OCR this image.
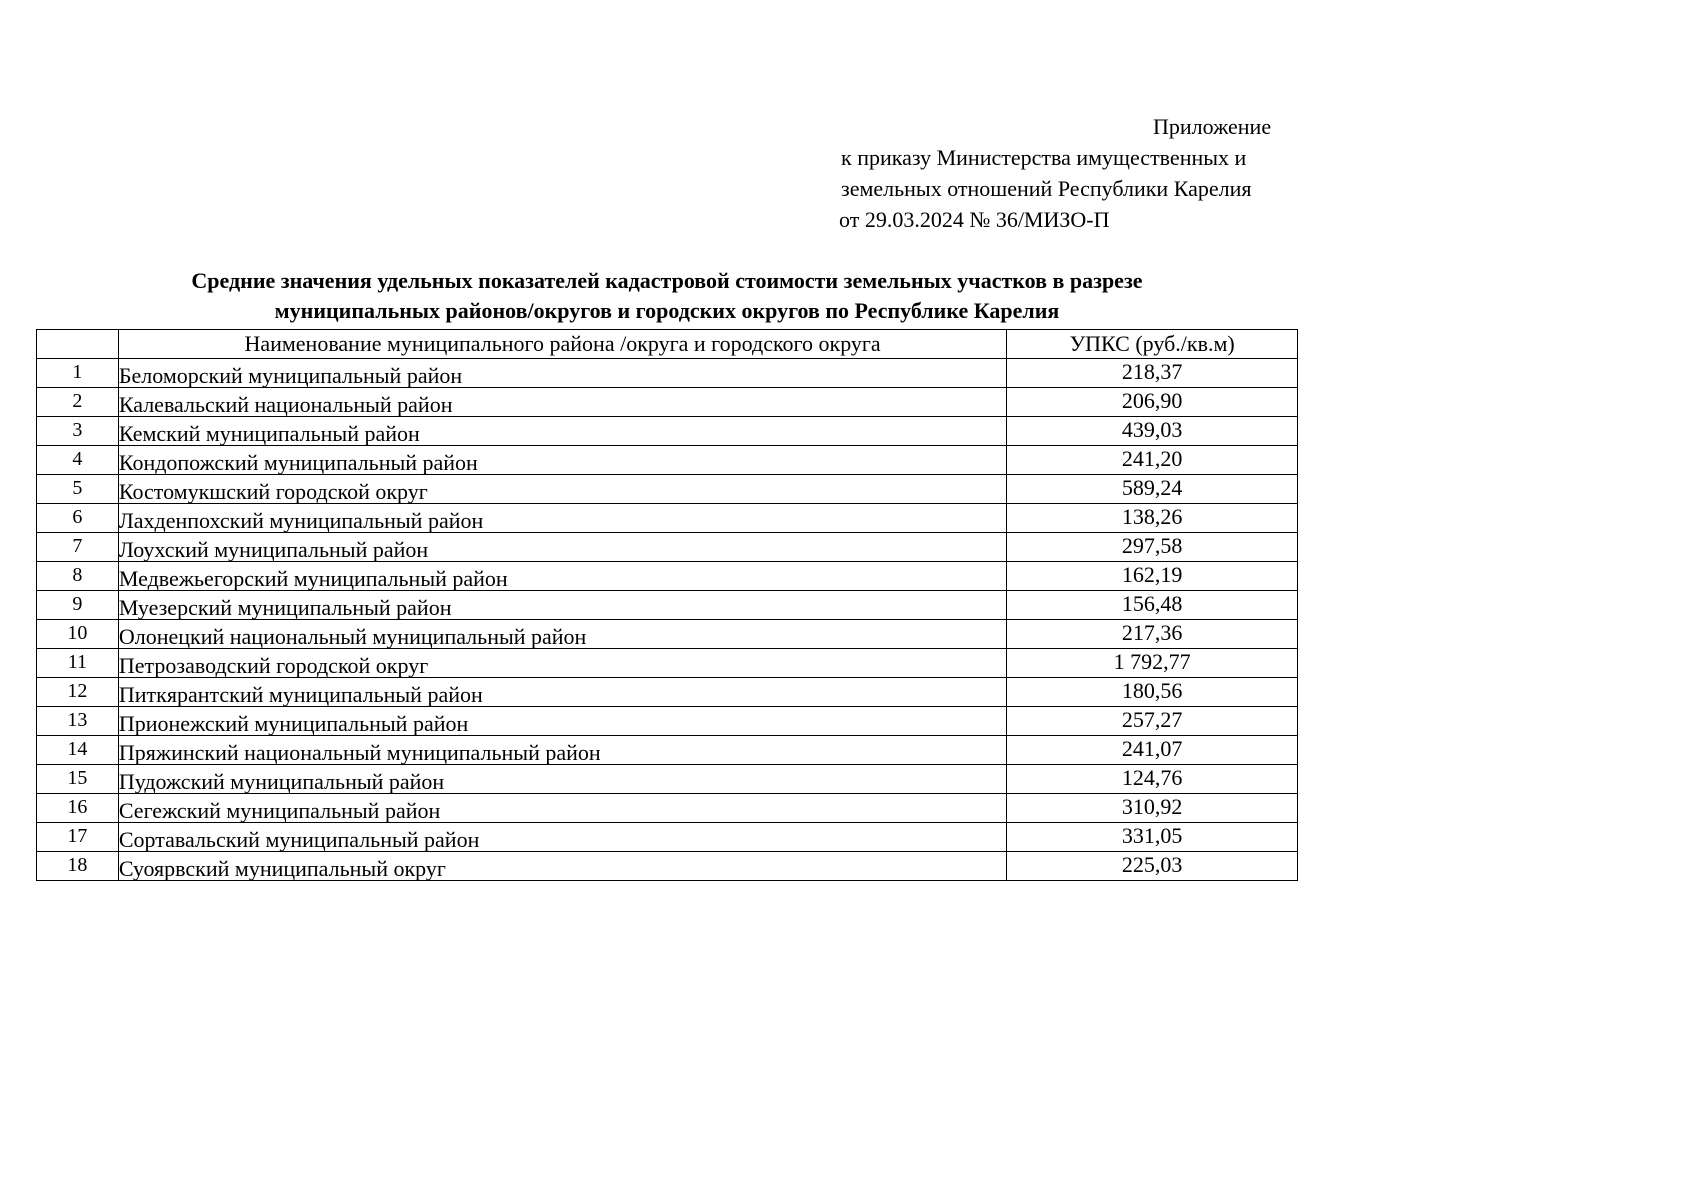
Приложение
к приказу Министерства имущественных и
земельных отношений Республики Карелия
от 29.03.2024 № 36/МИЗО-П
Средние значения удельных показателей кадастровой стоимости земельных участков в разрезе
муниципальных районов/округов и городских округов по Республике Карелия
	Наименование муниципального района /округа и городского округа	УПКС (руб./кв.м)
1	Беломорский муниципальный район	218,37
2	Калевальский национальный район	206,90
3	Кемский муниципальный район	439,03
4	Кондопожский муниципальный район	241,20
5	Костомукшский городской округ	589,24
6	Лахденпохский муниципальный район	138,26
7	Лоухский муниципальный район	297,58
8	Медвежьегорский муниципальный район	162,19
9	Муезерский муниципальный район	156,48
10	Олонецкий национальный муниципальный район	217,36
11	Петрозаводский городской округ	1 792,77
12	Питкярантский муниципальный район	180,56
13	Прионежский муниципальный район	257,27
14	Пряжинский национальный муниципальный район	241,07
15	Пудожский муниципальный район	124,76
16	Сегежский муниципальный район	310,92
17	Сортавальский муниципальный район	331,05
18	Суоярвский муниципальный округ	225,03
